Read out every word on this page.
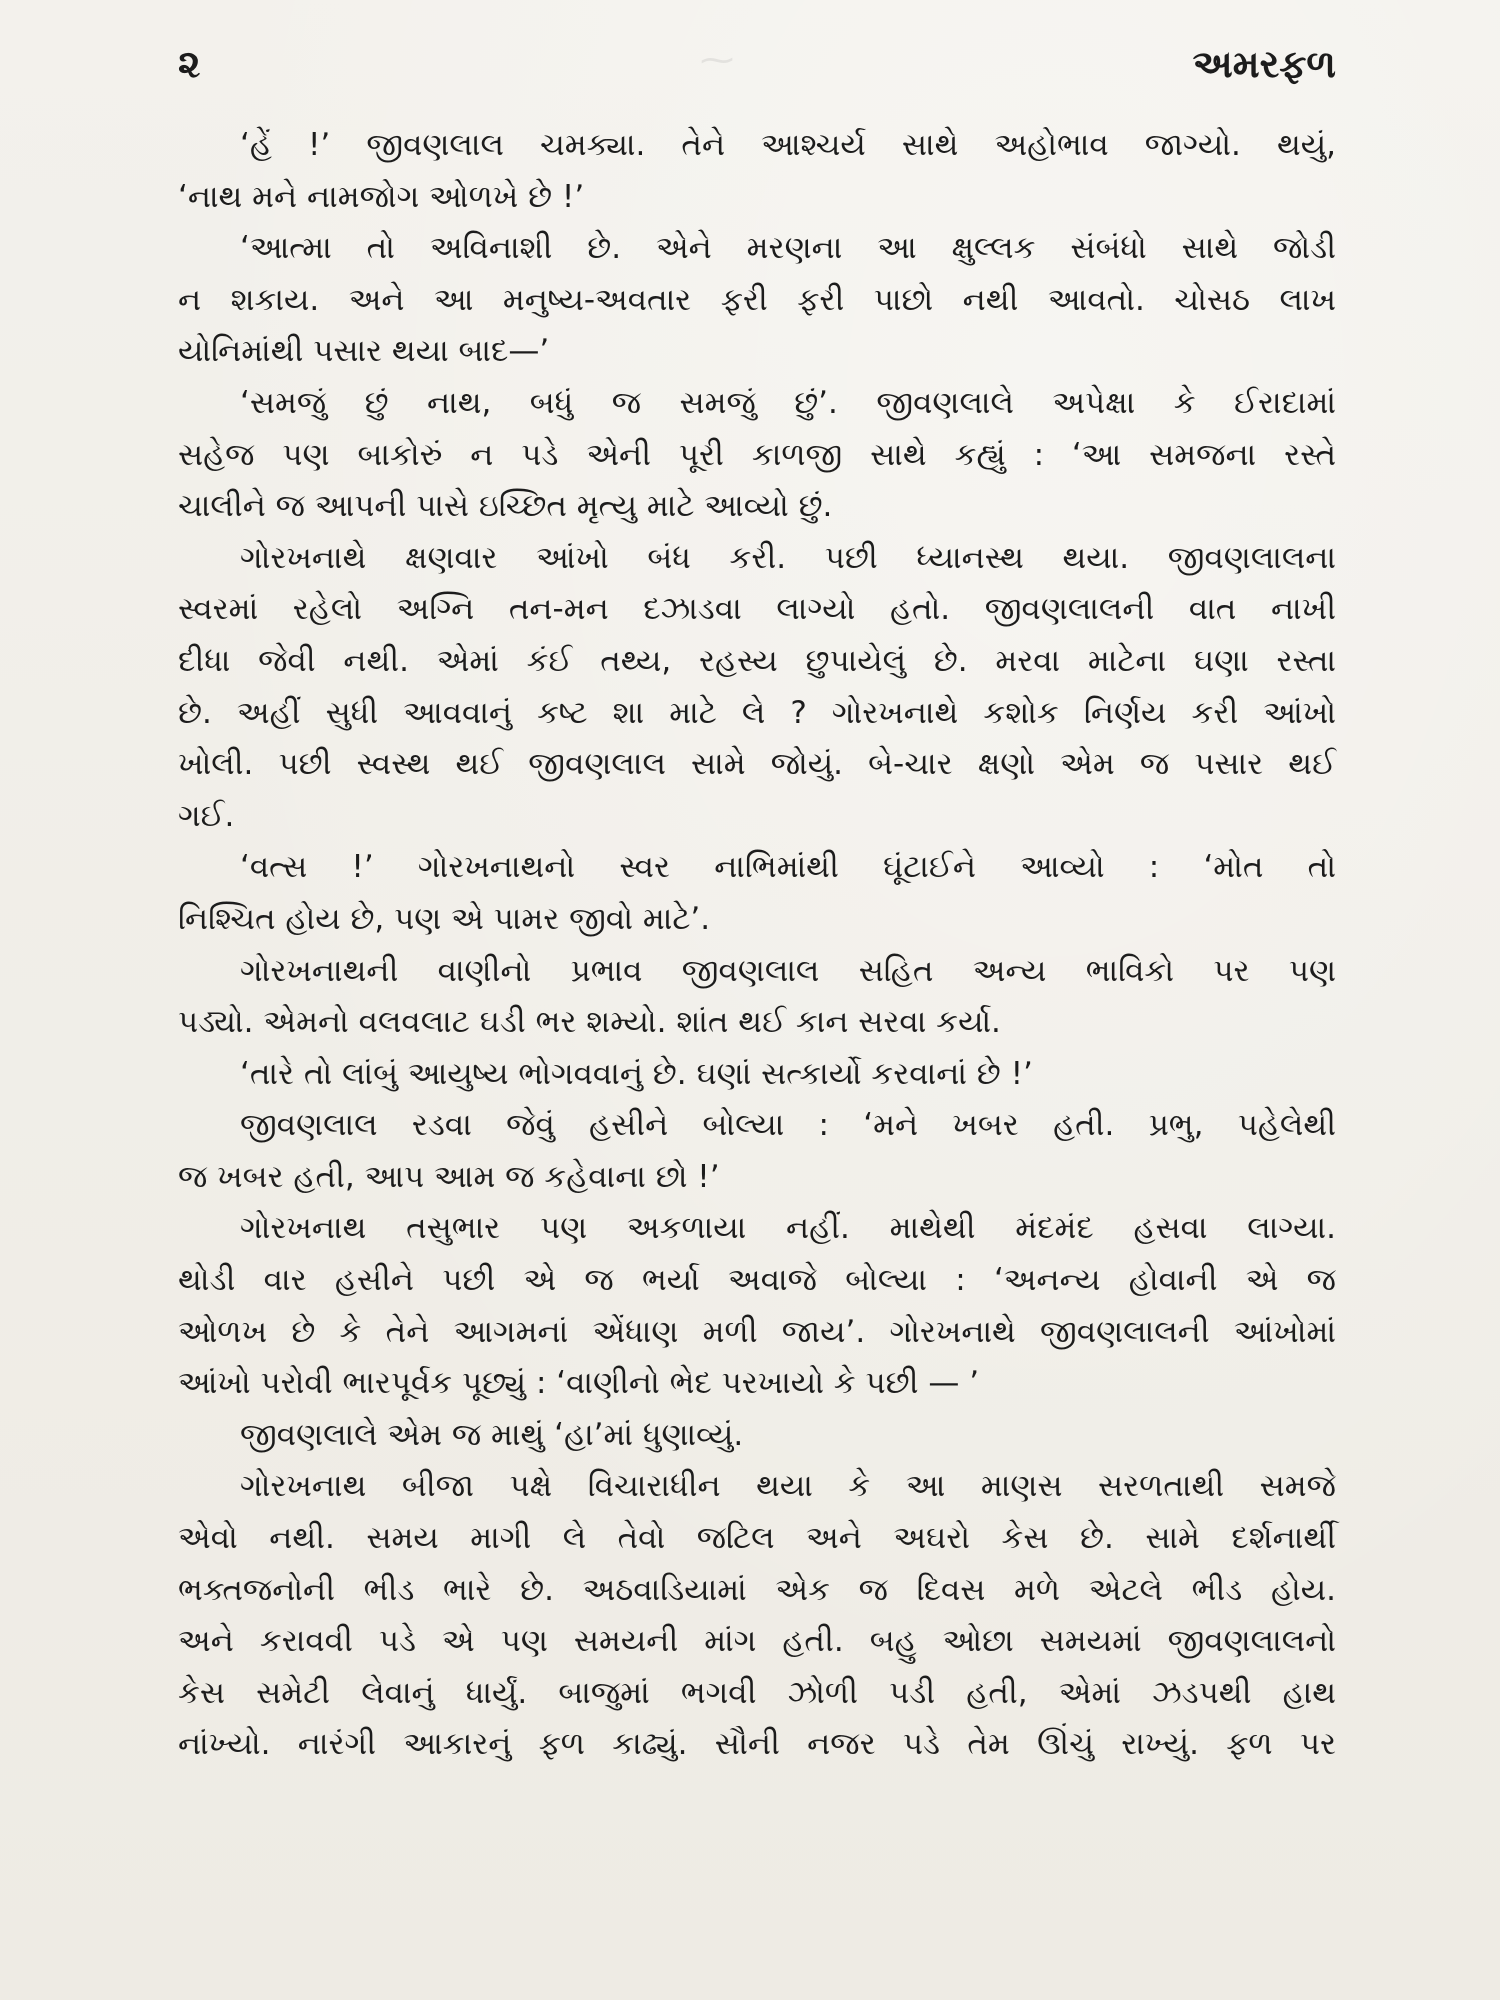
⁓
૨	અમરફળ
‘હેં !’ જીવણલાલ ચમક્યા. તેને આશ્ચર્ય સાથે અહોભાવ જાગ્યો. થયું,
‘નાથ મને નામજોગ ઓળખે છે !’
‘આત્મા તો અવિનાશી છે. એને મરણના આ ક્ષુલ્લક સંબંધો સાથે જોડી
ન શકાય. અને આ મનુષ્ય-અવતાર ફરી ફરી પાછો નથી આવતો. ચોસઠ લાખ
યોનિમાંથી પસાર થયા બાદ—’
‘સમજું છું નાથ, બધું જ સમજું છું’. જીવણલાલે અપેક્ષા કે ઈરાદામાં
સહેજ પણ બાકોરું ન પડે એની પૂરી કાળજી સાથે કહ્યું : ‘આ સમજના રસ્તે
ચાલીને જ આપની પાસે ઇચ્છિત મૃત્યુ માટે આવ્યો છું.
ગોરખનાથે ક્ષણવાર આંખો બંધ કરી. પછી ધ્યાનસ્થ થયા. જીવણલાલના
સ્વરમાં રહેલો અગ્નિ તન-મન દઝાડવા લાગ્યો હતો. જીવણલાલની વાત નાખી
દીધા જેવી નથી. એમાં કંઈ તથ્ય, રહસ્ય છુપાયેલું છે. મરવા માટેના ઘણા રસ્તા
છે. અહીં સુધી આવવાનું કષ્ટ શા માટે લે ? ગોરખનાથે કશોક નિર્ણય કરી આંખો
ખોલી. પછી સ્વસ્થ થઈ જીવણલાલ સામે જોયું. બે-ચાર ક્ષણો એમ જ પસાર થઈ
ગઈ.
‘વત્સ !’ ગોરખનાથનો સ્વર નાભિમાંથી ઘૂંટાઈને આવ્યો : ‘મોત તો
નિશ્ચિત હોય છે, પણ એ પામર જીવો માટે’.
ગોરખનાથની વાણીનો પ્રભાવ જીવણલાલ સહિત અન્ય ભાવિકો પર પણ
પડ્યો. એમનો વલવલાટ ઘડી ભર શમ્યો. શાંત થઈ કાન સરવા કર્યા.
‘તારે તો લાંબું આયુષ્ય ભોગવવાનું છે. ઘણાં સત્કાર્યો કરવાનાં છે !’
જીવણલાલ રડવા જેવું હસીને બોલ્યા : ‘મને ખબર હતી. પ્રભુ, પહેલેથી
જ ખબર હતી, આપ આમ જ કહેવાના છો !’
ગોરખનાથ તસુભાર પણ અકળાયા નહીં. માથેથી મંદમંદ હસવા લાગ્યા.
થોડી વાર હસીને પછી એ જ ભર્યા અવાજે બોલ્યા : ‘અનન્ય હોવાની એ જ
ઓળખ છે કે તેને આગમનાં એંધાણ મળી જાય’. ગોરખનાથે જીવણલાલની આંખોમાં
આંખો પરોવી ભારપૂર્વક પૂછ્યું : ‘વાણીનો ભેદ પરખાયો કે પછી — ’
જીવણલાલે એમ જ માથું ‘હા’માં ધુણાવ્યું.
ગોરખનાથ બીજા પક્ષે વિચારાધીન થયા કે આ માણસ સરળતાથી સમજે
એવો નથી. સમય માગી લે તેવો જટિલ અને અઘરો કેસ છે. સામે દર્શનાર્થી
ભક્તજનોની ભીડ ભારે છે. અઠવાડિયામાં એક જ દિવસ મળે એટલે ભીડ હોય.
અને કરાવવી પડે એ પણ સમયની માંગ હતી. બહુ ઓછા સમયમાં જીવણલાલનો
કેસ સમેટી લેવાનું ધાર્યું. બાજુમાં ભગવી ઝોળી પડી હતી, એમાં ઝડપથી હાથ
નાંખ્યો. નારંગી આકારનું ફળ કાઢ્યું. સૌની નજર પડે તેમ ઊંચું રાખ્યું. ફળ પર
